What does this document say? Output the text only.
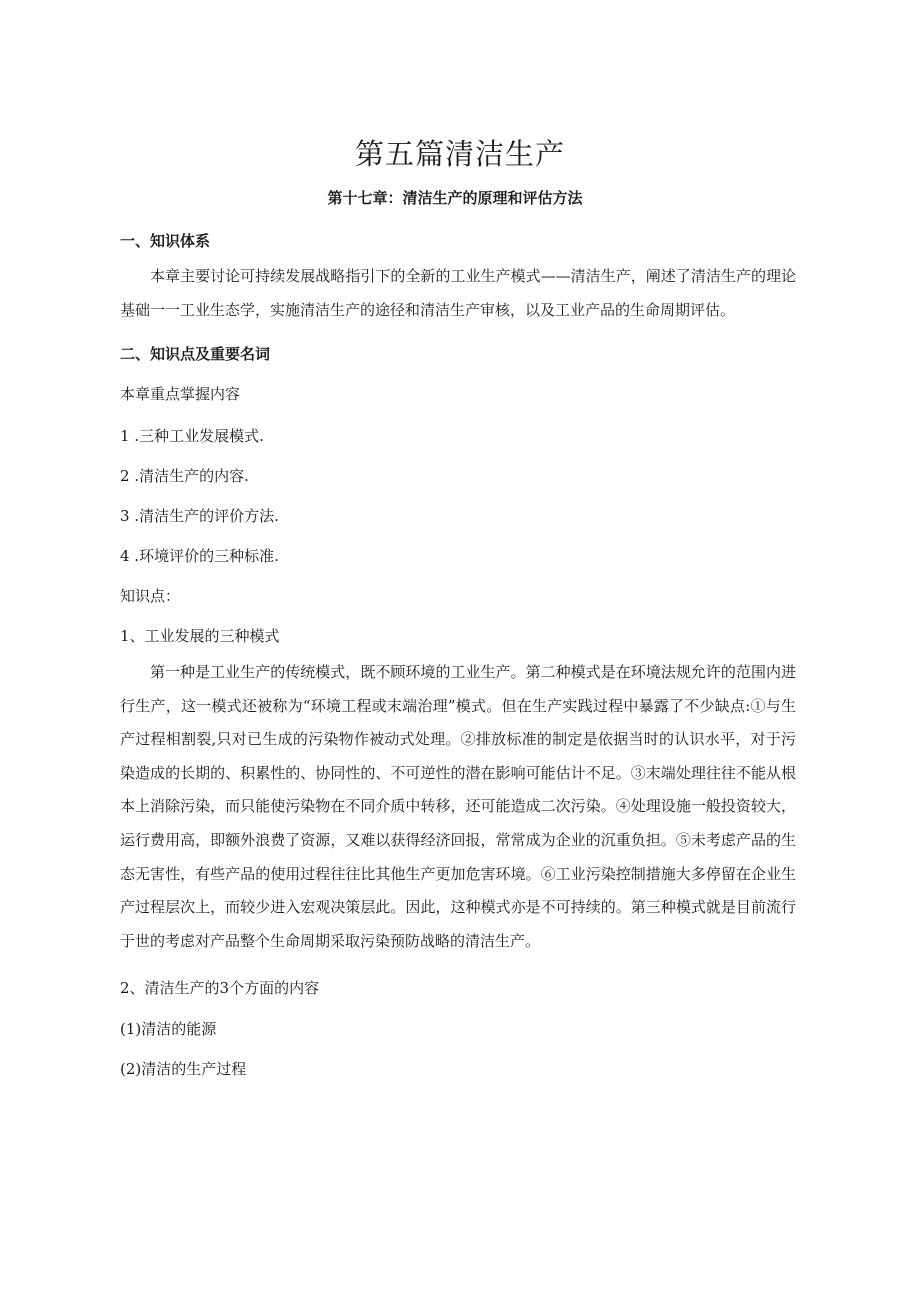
第五篇清洁生产
第十七章：清洁生产的原理和评估方法
一、知识体系
本章主要讨论可持续发展战略指引下的全新的工业生产模式——清洁生产，阐述了清洁生产的理论基础一一工业生态学，实施清洁生产的途径和清洁生产审核，以及工业产品的生命周期评估。
二、知识点及重要名词
本章重点掌握内容
1 .三种工业发展模式.
2 .清洁生产的内容.
3 .清洁生产的评价方法.
4 .环境评价的三种标准.
知识点：
1、工业发展的三种模式
第一种是工业生产的传统模式，既不顾环境的工业生产。第二种模式是在环境法规允许的范围内进行生产，这一模式还被称为“环境工程或末端治理”模式。但在生产实践过程中暴露了不少缺点:①与生产过程相割裂,只对已生成的污染物作被动式处理。②排放标准的制定是依据当时的认识水平，对于污染造成的长期的、积累性的、协同性的、不可逆性的潜在影响可能估计不足。③末端处理往往不能从根本上消除污染，而只能使污染物在不同介质中转移，还可能造成二次污染。④处理设施一般投资较大，运行费用高，即额外浪费了资源，又难以获得经济回报，常常成为企业的沉重负担。⑤未考虑产品的生态无害性，有些产品的使用过程往往比其他生产更加危害环境。⑥工业污染控制措施大多停留在企业生产过程层次上，而较少进入宏观决策层此。因此，这种模式亦是不可持续的。第三种模式就是目前流行于世的考虑对产品整个生命周期采取污染预防战略的清洁生产。
2、清洁生产的3个方面的内容
(1)清洁的能源
(2)清洁的生产过程
